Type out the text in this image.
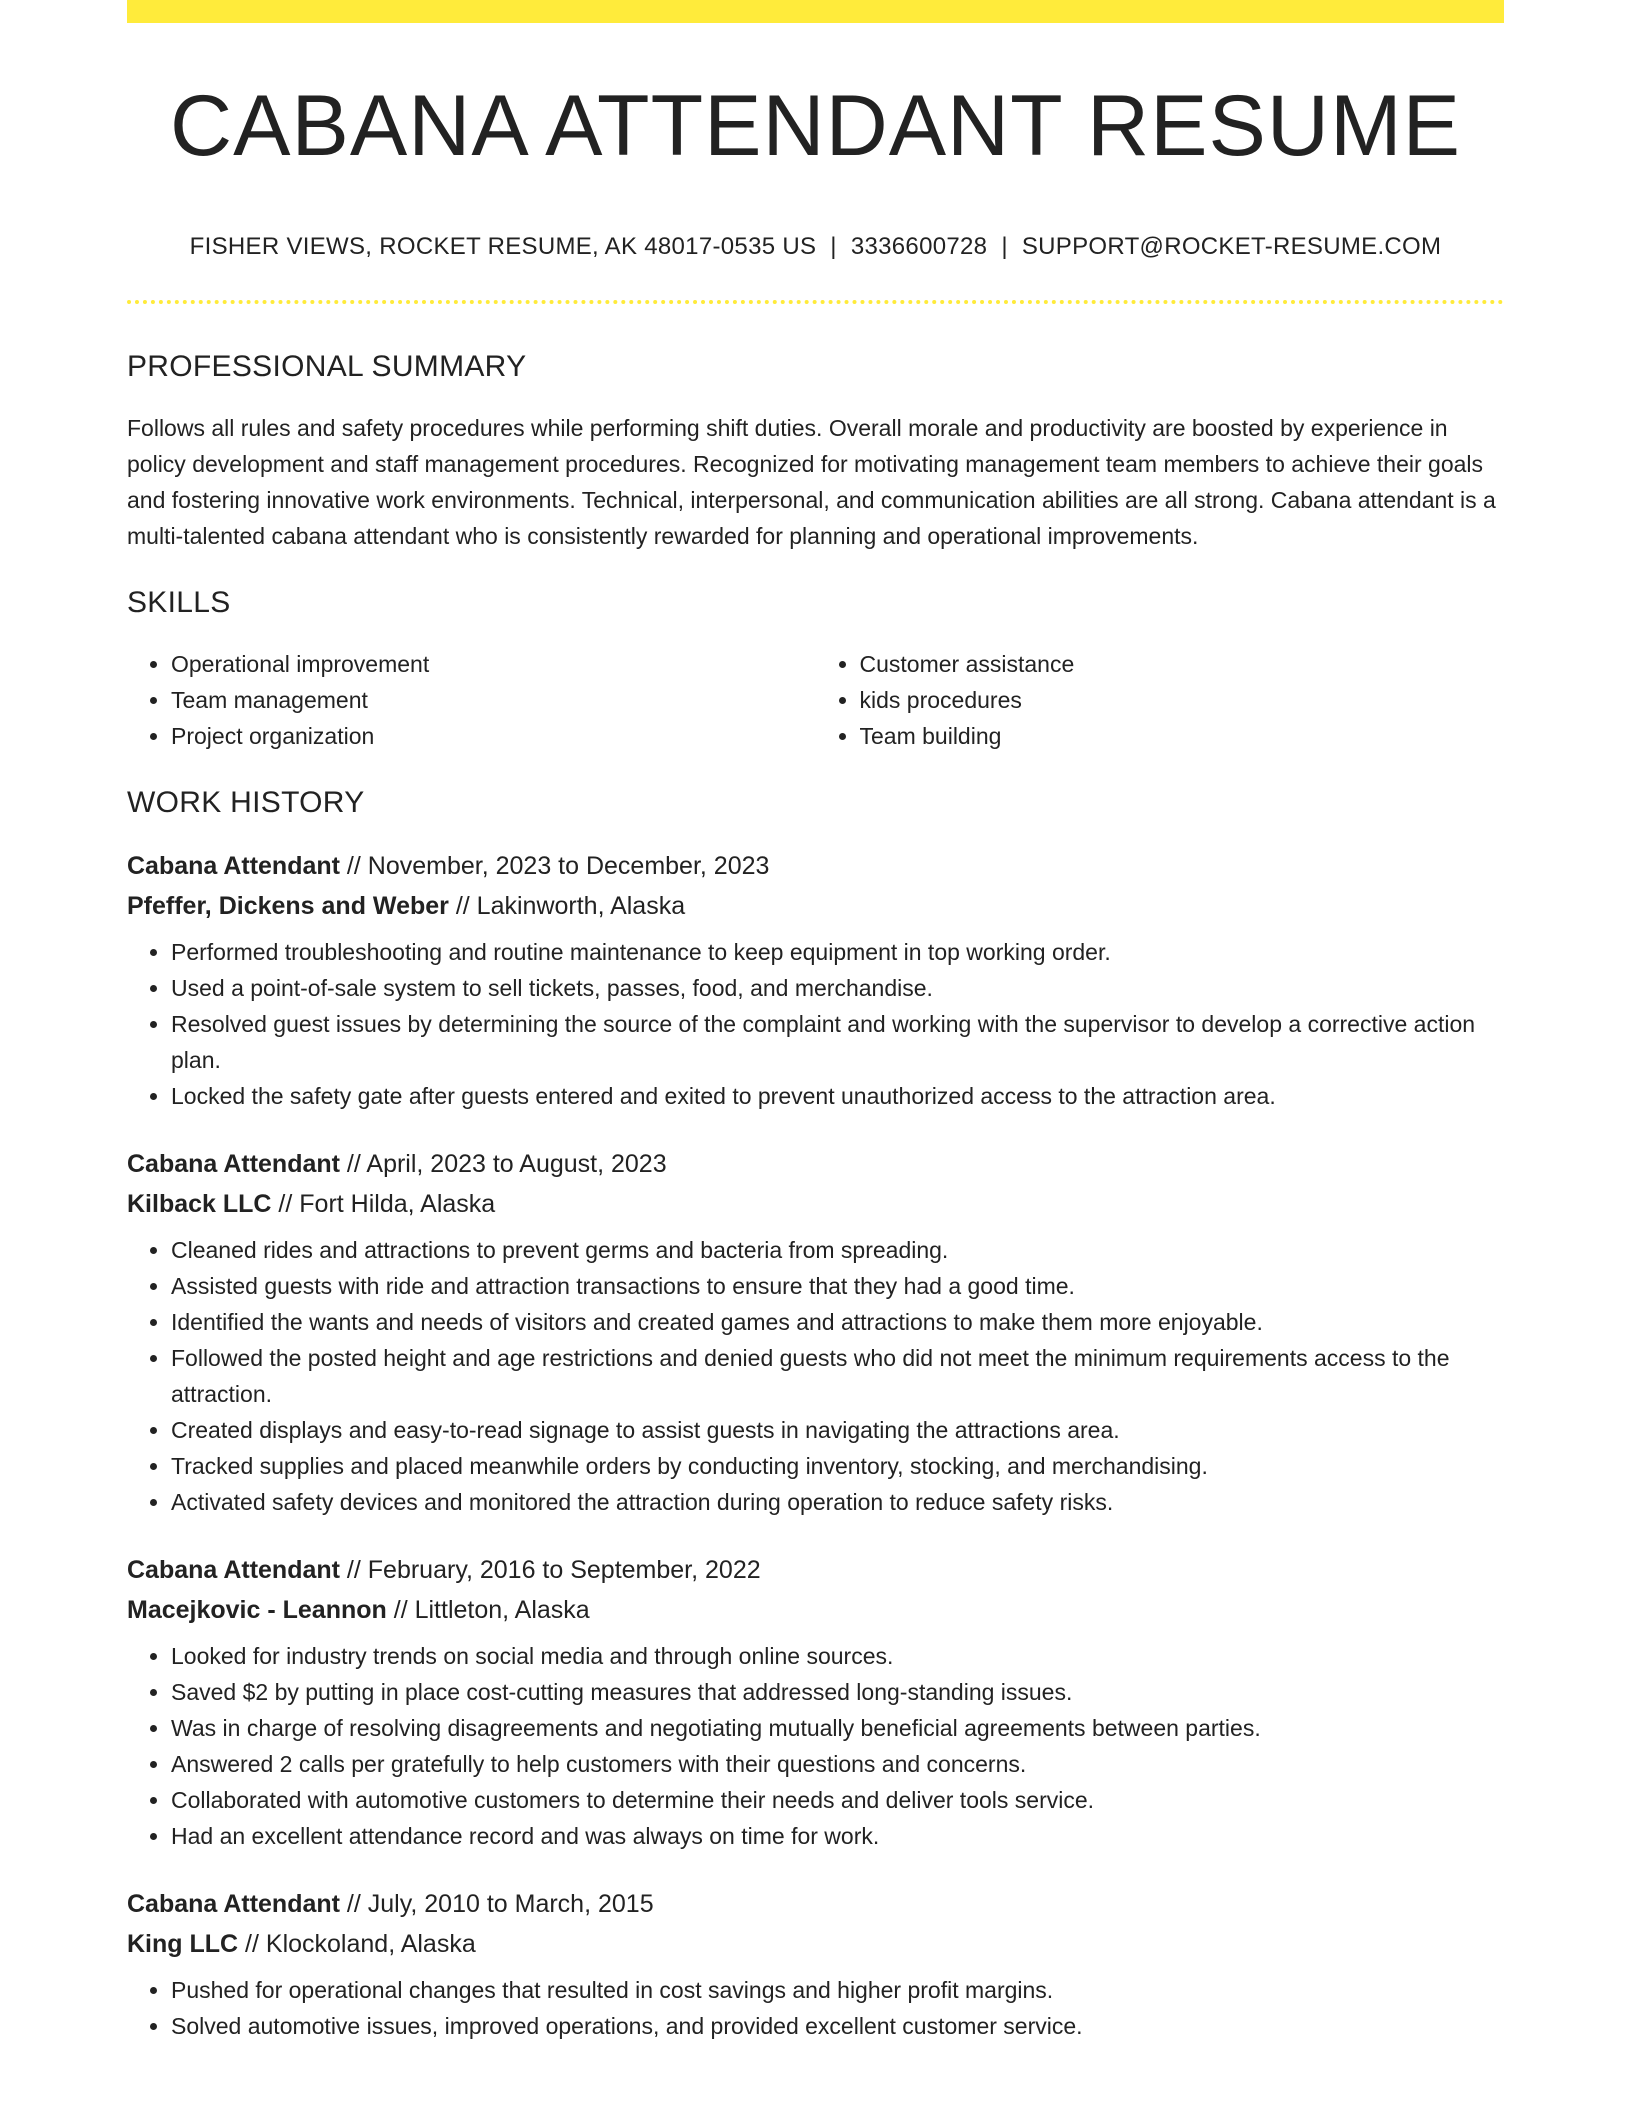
CABANA ATTENDANT RESUME
FISHER VIEWS, ROCKET RESUME, AK 48017-0535 US | 3336600728 | SUPPORT@ROCKET-RESUME.COM
PROFESSIONAL SUMMARY
Follows all rules and safety procedures while performing shift duties. Overall morale and productivity are boosted by experience in policy development and staff management procedures. Recognized for motivating management team members to achieve their goals and fostering innovative work environments. Technical, interpersonal, and communication abilities are all strong. Cabana attendant is a multi-talented cabana attendant who is consistently rewarded for planning and operational improvements.
SKILLS
• Operational improvement
• Team management
• Project organization
• Customer assistance
• kids procedures
• Team building
WORK HISTORY
Cabana Attendant // November, 2023 to December, 2023
Pfeffer, Dickens and Weber // Lakinworth, Alaska
• Performed troubleshooting and routine maintenance to keep equipment in top working order.
• Used a point-of-sale system to sell tickets, passes, food, and merchandise.
• Resolved guest issues by determining the source of the complaint and working with the supervisor to develop a corrective action plan.
• Locked the safety gate after guests entered and exited to prevent unauthorized access to the attraction area.
Cabana Attendant // April, 2023 to August, 2023
Kilback LLC // Fort Hilda, Alaska
• Cleaned rides and attractions to prevent germs and bacteria from spreading.
• Assisted guests with ride and attraction transactions to ensure that they had a good time.
• Identified the wants and needs of visitors and created games and attractions to make them more enjoyable.
• Followed the posted height and age restrictions and denied guests who did not meet the minimum requirements access to the attraction.
• Created displays and easy-to-read signage to assist guests in navigating the attractions area.
• Tracked supplies and placed meanwhile orders by conducting inventory, stocking, and merchandising.
• Activated safety devices and monitored the attraction during operation to reduce safety risks.
Cabana Attendant // February, 2016 to September, 2022
Macejkovic - Leannon // Littleton, Alaska
• Looked for industry trends on social media and through online sources.
• Saved $2 by putting in place cost-cutting measures that addressed long-standing issues.
• Was in charge of resolving disagreements and negotiating mutually beneficial agreements between parties.
• Answered 2 calls per gratefully to help customers with their questions and concerns.
• Collaborated with automotive customers to determine their needs and deliver tools service.
• Had an excellent attendance record and was always on time for work.
Cabana Attendant // July, 2010 to March, 2015
King LLC // Klockoland, Alaska
• Pushed for operational changes that resulted in cost savings and higher profit margins.
• Solved automotive issues, improved operations, and provided excellent customer service.
